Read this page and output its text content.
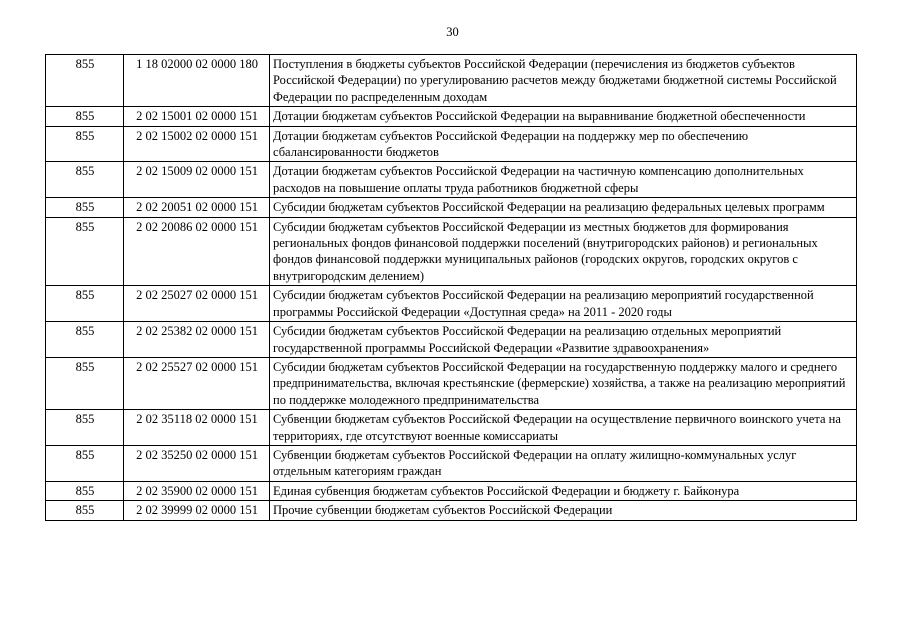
30
855	1 18 02000 02 0000 180	Поступления в бюджеты субъектов Российской Федерации (перечисления из бюджетов субъектов Российской Федерации) по урегулированию расчетов между бюджетами бюджетной системы Российской Федерации по распределенным доходам
855	2 02 15001 02 0000 151	Дотации бюджетам субъектов Российской Федерации на выравнивание бюджетной обеспеченности
855	2 02 15002 02 0000 151	Дотации бюджетам субъектов Российской Федерации на поддержку мер по обеспечению сбалансированности бюджетов
855	2 02 15009 02 0000 151	Дотации бюджетам субъектов Российской Федерации на частичную компенсацию дополнительных расходов на повышение оплаты труда работников бюджетной сферы
855	2 02 20051 02 0000 151	Субсидии бюджетам субъектов Российской Федерации на реализацию федеральных целевых программ
855	2 02 20086 02 0000 151	Субсидии бюджетам субъектов Российской Федерации из местных бюджетов для формирования региональных фондов финансовой поддержки поселений (внутригородских районов) и региональных фондов финансовой поддержки муниципальных районов (городских округов, городских округов с внутригородским делением)
855	2 02 25027 02 0000 151	Субсидии бюджетам субъектов Российской Федерации на реализацию мероприятий государственной программы Российской Федерации «Доступная среда» на 2011 - 2020 годы
855	2 02 25382 02 0000 151	Субсидии бюджетам субъектов Российской Федерации на реализацию отдельных мероприятий государственной программы Российской Федерации «Развитие здравоохранения»
855	2 02 25527 02 0000 151	Субсидии бюджетам субъектов Российской Федерации на государственную поддержку малого и среднего предпринимательства, включая крестьянские (фермерские) хозяйства, а также на реализацию мероприятий по поддержке молодежного предпринимательства
855	2 02 35118 02 0000 151	Субвенции бюджетам субъектов Российской Федерации на осуществление первичного воинского учета на территориях, где отсутствуют военные комиссариаты
855	2 02 35250 02 0000 151	Субвенции бюджетам субъектов Российской Федерации на оплату жилищно-коммунальных услуг отдельным категориям граждан
855	2 02 35900 02 0000 151	Единая субвенция бюджетам субъектов Российской Федерации и бюджету г. Байконура
855	2 02 39999 02 0000 151	Прочие субвенции бюджетам субъектов Российской Федерации
